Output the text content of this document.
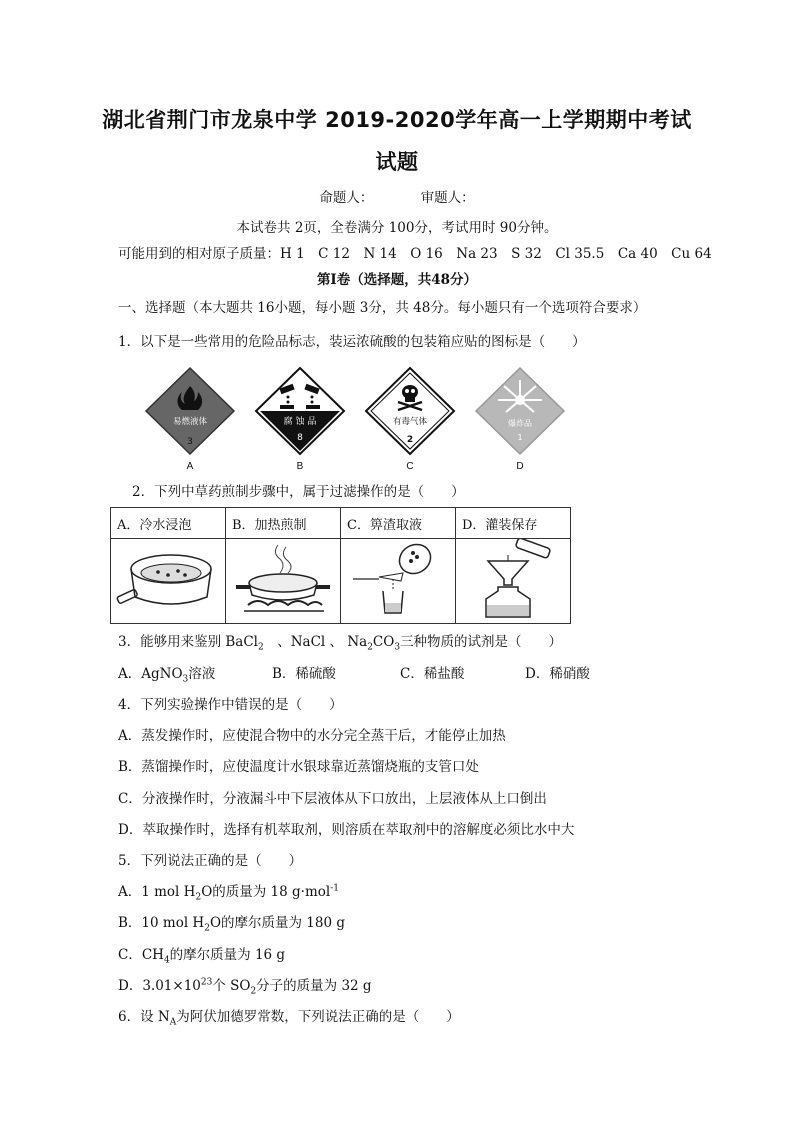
湖北省荆门市龙泉中学 2019-2020学年高一上学期期中考试
试题
命题人：　　　　审题人：
本试卷共 2页，全卷满分 100分，考试用时 90分钟。
可能用到的相对原子质量：H 1　C 12　N 14　O 16　Na 23　S 32　Cl 35.5　Ca 40　Cu 64
第Ⅰ卷（选择题，共48分）
一、选择题（本大题共 16小题，每小题 3分，共 48分。每小题只有一个选项符合要求）
1．以下是一些常用的危险品标志，装运浓硫酸的包装箱应贴的图标是（　　）
易燃液体
3
A
腐 蚀 品
8
B
有毒气体
2
C
爆炸品
1
D
2．下列中草药煎制步骤中，属于过滤操作的是（　　）
A．冷水浸泡	B．加热煎制	C．箅渣取液	D．灌装保存

3．能够用来鉴别 BaCl$_2$　、NaCl 、 $Na_2CO_3$三种物质的试剂是（　　）
A．AgNO$_3$溶液	B．稀硫酸	C．稀盐酸	D．稀硝酸
4．下列实验操作中错误的是（　　）
A．蒸发操作时，应使混合物中的水分完全蒸干后，才能停止加热
B．蒸馏操作时，应使温度计水银球靠近蒸馏烧瓶的支管口处
C．分液操作时，分液漏斗中下层液体从下口放出，上层液体从上口倒出
D．萃取操作时，选择有机萃取剂，则溶质在萃取剂中的溶解度必须比水中大
5．下列说法正确的是（　　）
A．1 mol $H_2O$的质量为 18 g·mol$^{-1}$
B．10 mol $H_2O$的摩尔质量为 180 g
C．$CH_4$的摩尔质量为 16 g
D．$3.01\times 10^{23}$个 $SO_2$分子的质量为 32 g
6．设 $N_A$为阿伏加德罗常数，下列说法正确的是（　　）
